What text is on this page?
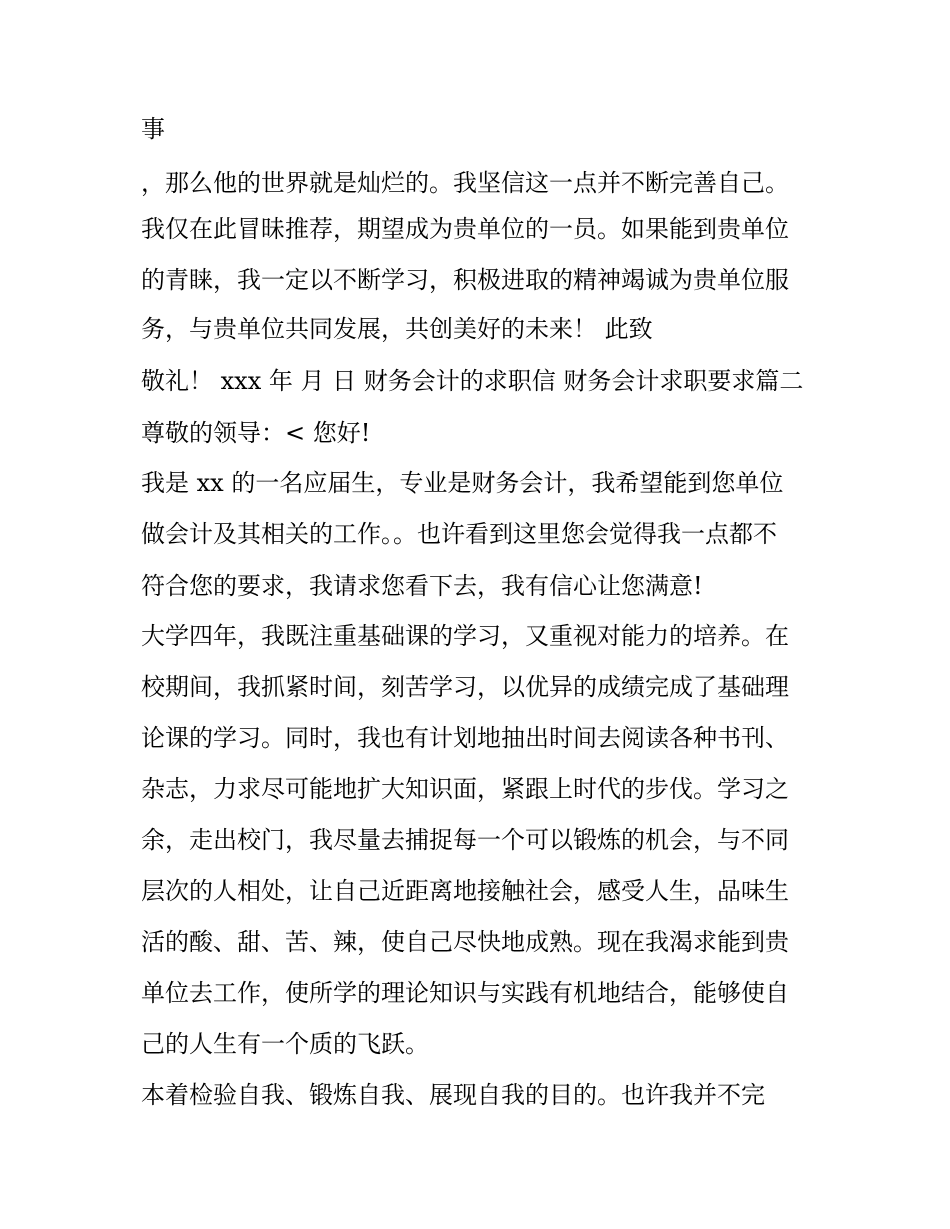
事
，那么他的世界就是灿烂的。我坚信这一点并不断完善自己。
我仅在此冒昧推荐，期望成为贵单位的一员。如果能到贵单位
的青睐，我一定以不断学习，积极进取的精神竭诚为贵单位服
务，与贵单位共同发展，共创美好的未来！ 此致
敬礼！ xxx 年 月 日 财务会计的求职信 财务会计求职要求篇二
尊敬的领导：< 您好!
我是 xx 的一名应届生，专业是财务会计，我希望能到您单位
做会计及其相关的工作。。也许看到这里您会觉得我一点都不
符合您的要求，我请求您看下去，我有信心让您满意!
大学四年，我既注重基础课的学习，又重视对能力的培养。在
校期间，我抓紧时间，刻苦学习，以优异的成绩完成了基础理
论课的学习。同时，我也有计划地抽出时间去阅读各种书刊、
杂志，力求尽可能地扩大知识面，紧跟上时代的步伐。学习之
余，走出校门，我尽量去捕捉每一个可以锻炼的机会，与不同
层次的人相处，让自己近距离地接触社会，感受人生，品味生
活的酸、甜、苦、辣，使自己尽快地成熟。现在我渴求能到贵
单位去工作，使所学的理论知识与实践有机地结合，能够使自
己的人生有一个质的飞跃。
本着检验自我、锻炼自我、展现自我的目的。也许我并不完
